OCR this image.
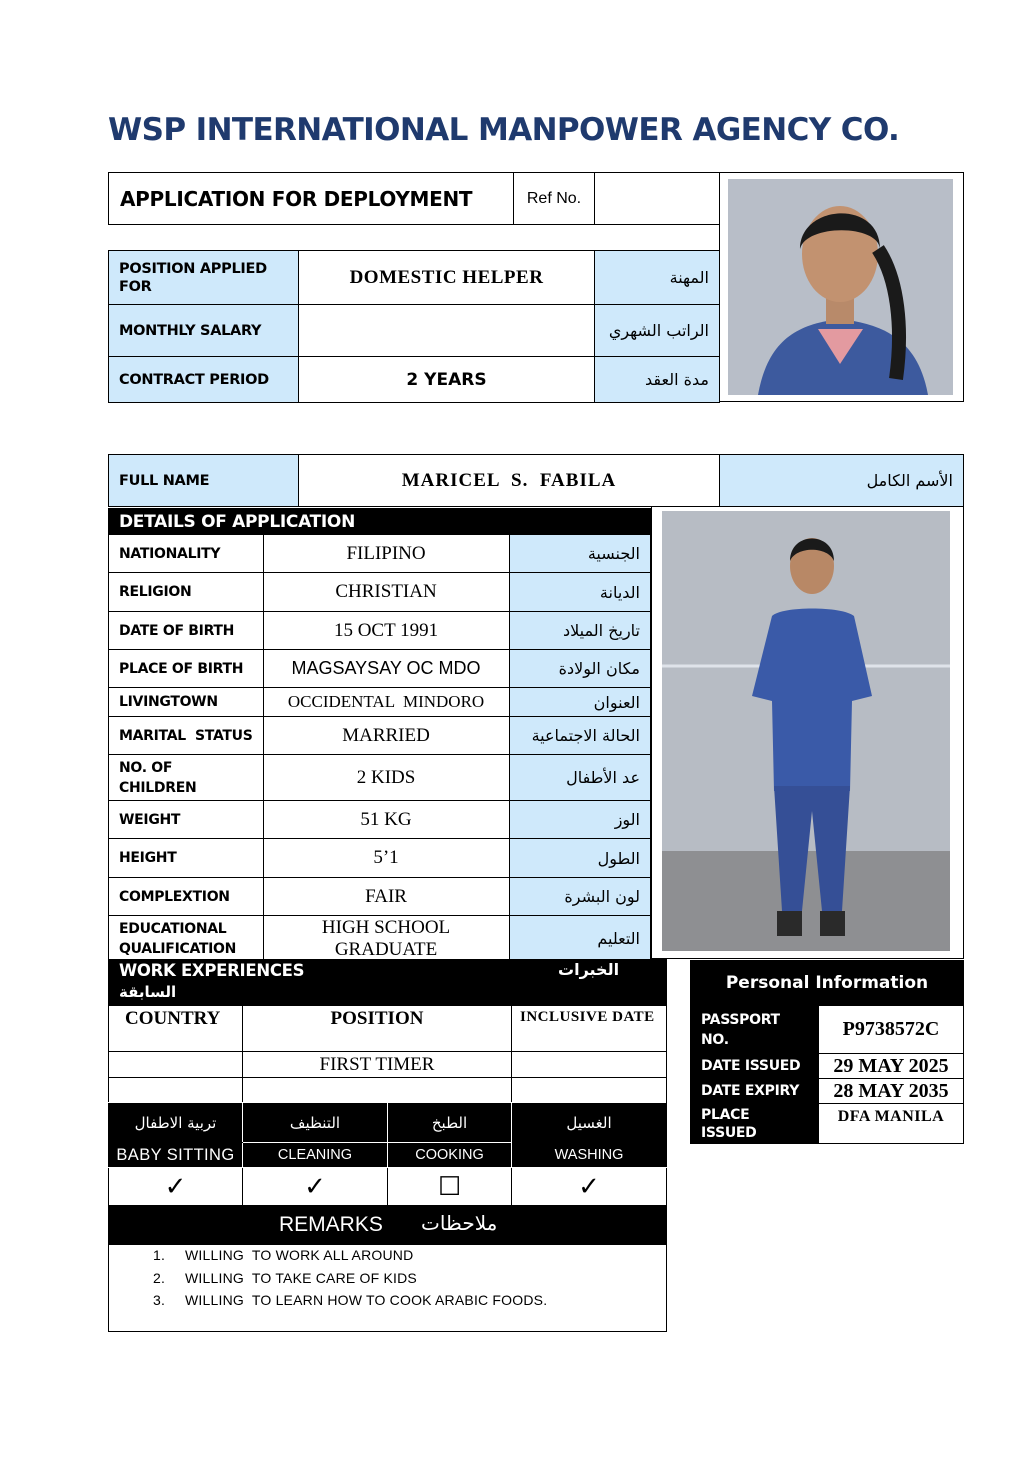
WSP INTERNATIONAL MANPOWER AGENCY CO.
APPLICATION FOR DEPLOYMENT	Ref No.
POSITION APPLIED FOR	DOMESTIC HELPER	المهنة
MONTHLY SALARY		الراتب الشهري
CONTRACT PERIOD	2 YEARS	مدة العقد
FULL NAME	MARICEL  S.  FABILA	الأسم الكامل
DETAILS OF APPLICATION
NATIONALITY	FILIPINO	الجنسية
RELIGION	CHRISTIAN	الديانة
DATE OF BIRTH	15 OCT 1991	تاريخ الميلاد
PLACE OF BIRTH	MAGSAYSAY OC MDO	مكان الولادة
LIVINGTOWN	OCCIDENTAL  MINDORO	العنوان
MARITAL  STATUS	MARRIED	الحالة الاجتماعية
NO. OF CHILDREN	2 KIDS	عد الأطفال
WEIGHT	51 KG	الوز
HEIGHT	5’1	الطول
COMPLEXTION	FAIR	لون البشرة
EDUCATIONAL QUALIFICATION	HIGH SCHOOL GRADUATE	التعليم
WORK EXPERIENCES	الخبرات
السابقة
COUNTRY	POSITION	INCLUSIVE DATE
	FIRST TIMER	

تربية الاطفال	التنظيف	الطبخ	الغسيل
BABY SITTING	CLEANING	COOKING	WASHING
✓	✓	☐	✓
REMARKS ملاحظات
1. WILLING  TO WORK ALL AROUND
2. WILLING  TO TAKE CARE OF KIDS
3. WILLING  TO LEARN HOW TO COOK ARABIC FOODS.
Personal Information
PASSPORT NO.	P9738572C
DATE ISSUED	29 MAY 2025
DATE EXPIRY	28 MAY 2035
PLACE ISSUED	DFA MANILA
